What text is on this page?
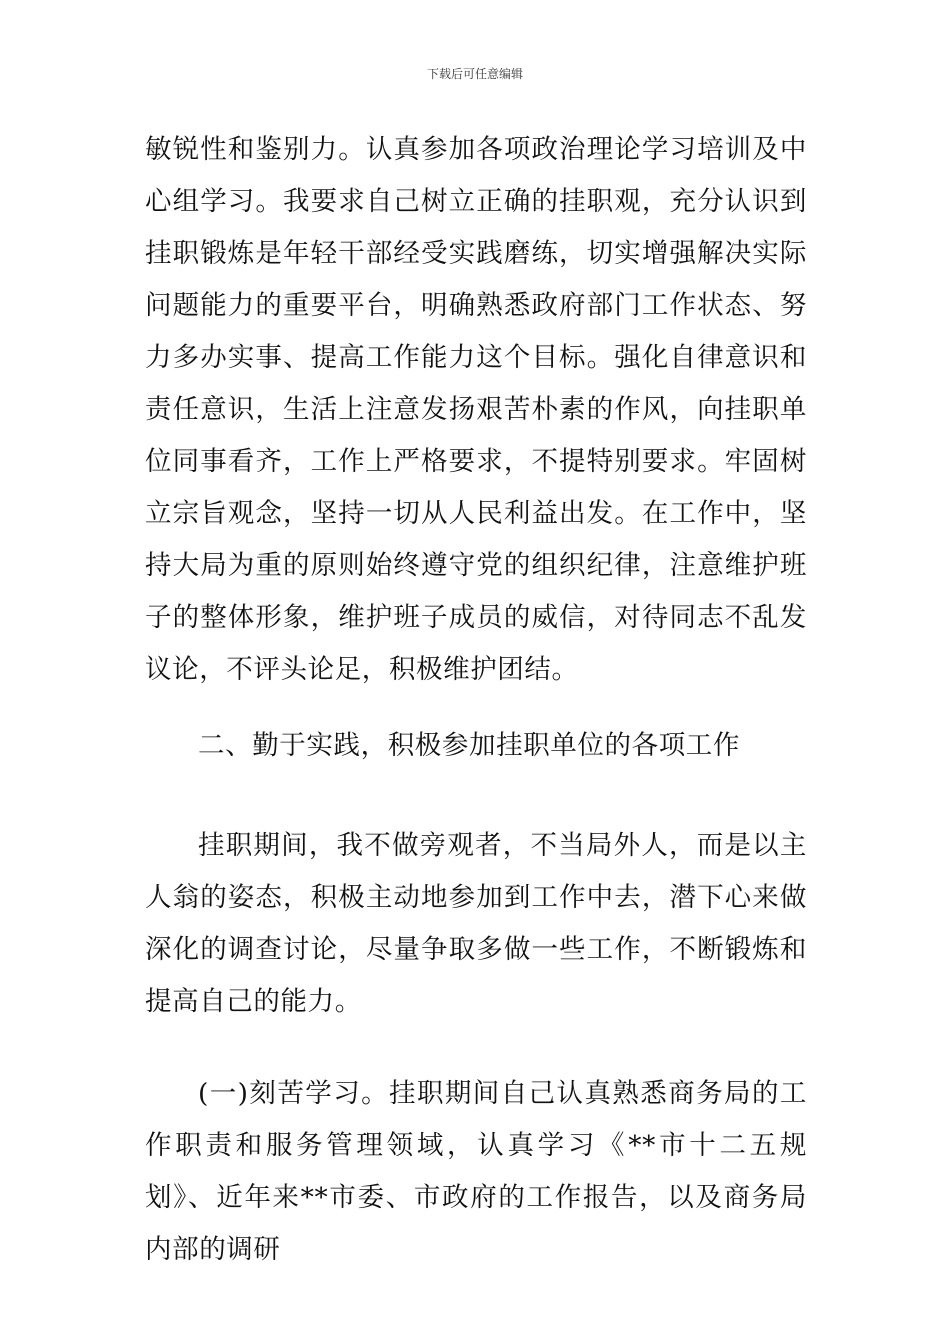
下载后可任意编辑

敏锐性和鉴别力。认真参加各项政治理论学习培训及中心组学习。我要求自己树立正确的挂职观，充分认识到挂职锻炼是年轻干部经受实践磨练，切实增强解决实际问题能力的重要平台，明确熟悉政府部门工作状态、努力多办实事、提高工作能力这个目标。强化自律意识和责任意识，生活上注意发扬艰苦朴素的作风，向挂职单位同事看齐，工作上严格要求，不提特别要求。牢固树立宗旨观念，坚持一切从人民利益出发。在工作中，坚持大局为重的原则始终遵守党的组织纪律，注意维护班子的整体形象，维护班子成员的威信，对待同志不乱发议论，不评头论足，积极维护团结。

二、勤于实践，积极参加挂职单位的各项工作

挂职期间，我不做旁观者，不当局外人，而是以主人翁的姿态，积极主动地参加到工作中去，潜下心来做深化的调查讨论，尽量争取多做一些工作，不断锻炼和提高自己的能力。

(一)刻苦学习。挂职期间自己认真熟悉商务局的工作职责和服务管理领域，认真学习《**市十二五规划》、近年来**市委、市政府的工作报告，以及商务局内部的调研
